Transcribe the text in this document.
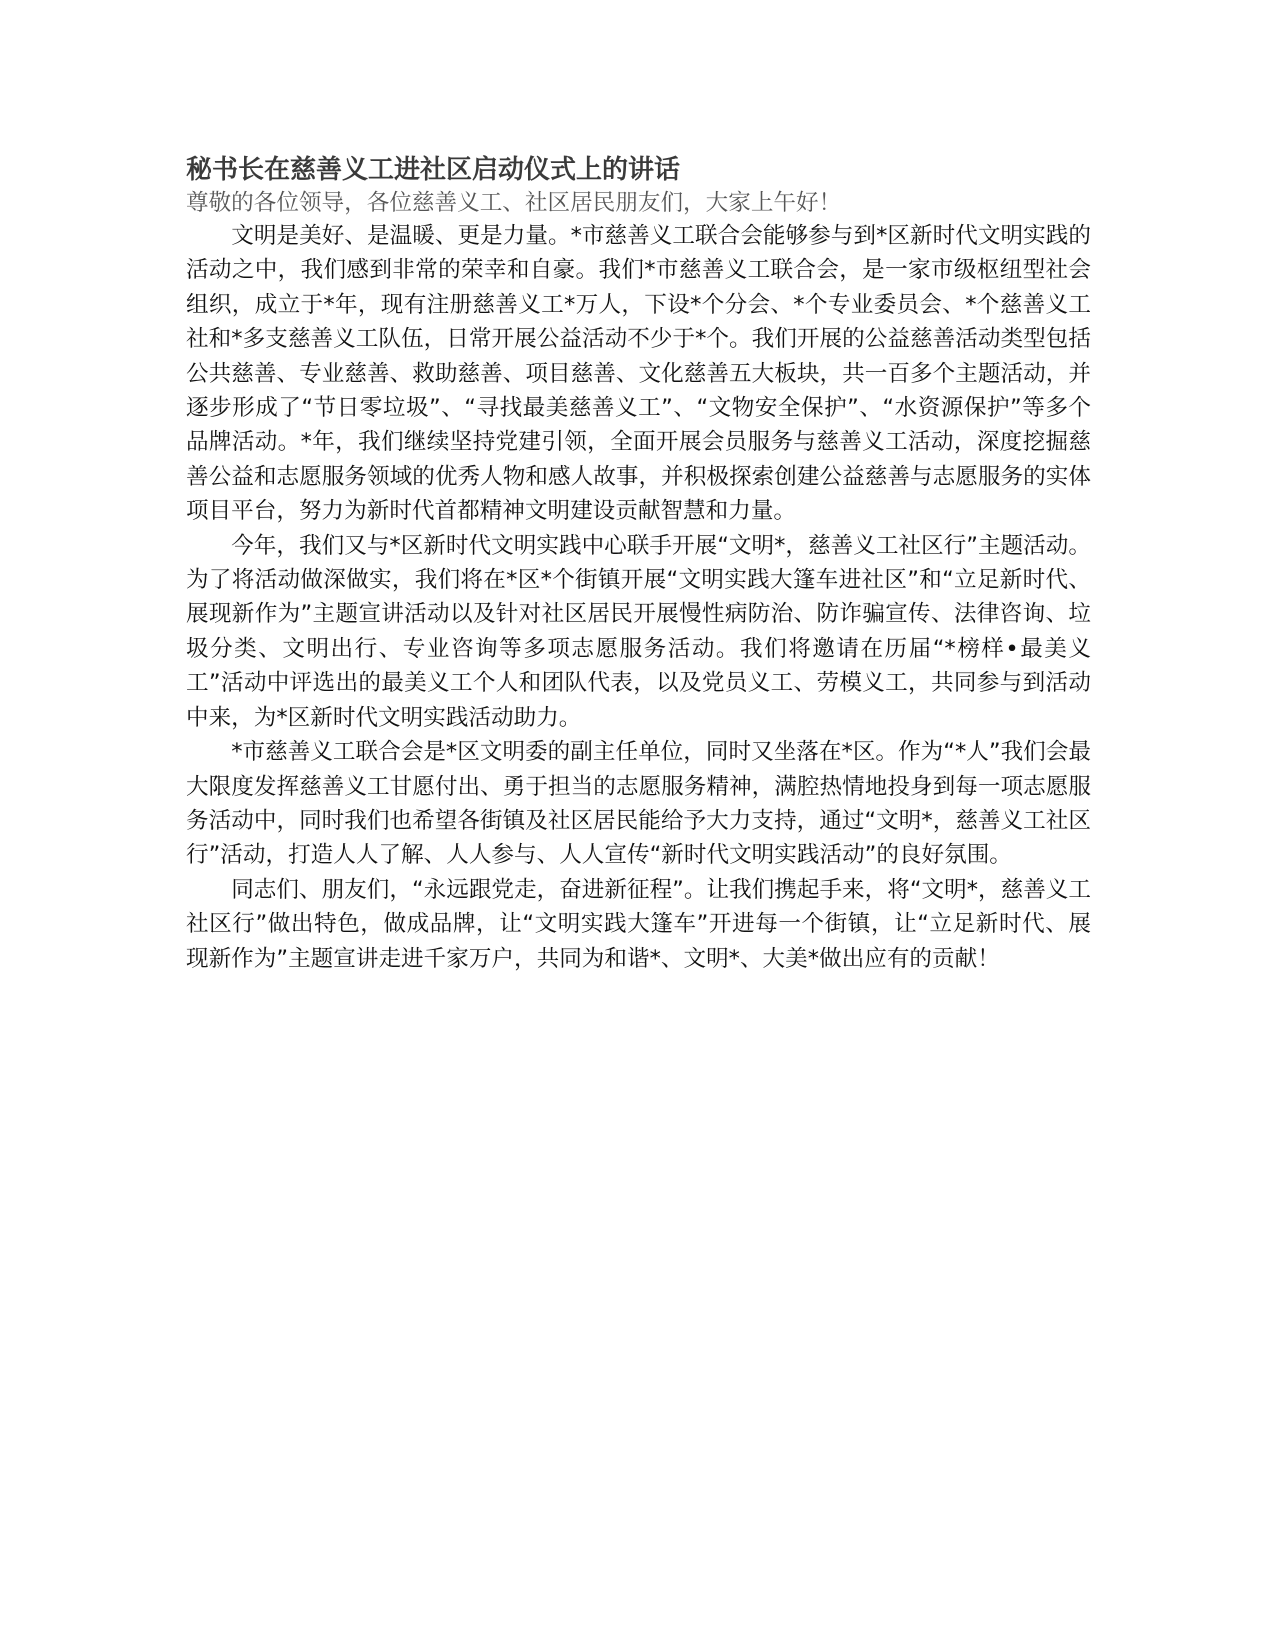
秘书长在慈善义工进社区启动仪式上的讲话

尊敬的各位领导，各位慈善义工、社区居民朋友们，大家上午好！

文明是美好、是温暖、更是力量。*市慈善义工联合会能够参与到*区新时代文明实践的活动之中，我们感到非常的荣幸和自豪。我们*市慈善义工联合会，是一家市级枢纽型社会组织，成立于*年，现有注册慈善义工*万人，下设*个分会、*个专业委员会、*个慈善义工社和*多支慈善义工队伍，日常开展公益活动不少于*个。我们开展的公益慈善活动类型包括公共慈善、专业慈善、救助慈善、项目慈善、文化慈善五大板块，共一百多个主题活动，并逐步形成了“节日零垃圾”、“寻找最美慈善义工”、“文物安全保护”、“水资源保护”等多个品牌活动。*年，我们继续坚持党建引领，全面开展会员服务与慈善义工活动，深度挖掘慈善公益和志愿服务领域的优秀人物和感人故事，并积极探索创建公益慈善与志愿服务的实体项目平台，努力为新时代首都精神文明建设贡献智慧和力量。

今年，我们又与*区新时代文明实践中心联手开展“文明*，慈善义工社区行”主题活动。为了将活动做深做实，我们将在*区*个街镇开展“文明实践大篷车进社区”和“立足新时代、展现新作为”主题宣讲活动以及针对社区居民开展慢性病防治、防诈骗宣传、法律咨询、垃圾分类、文明出行、专业咨询等多项志愿服务活动。我们将邀请在历届“*榜样•最美义工”活动中评选出的最美义工个人和团队代表，以及党员义工、劳模义工，共同参与到活动中来，为*区新时代文明实践活动助力。

*市慈善义工联合会是*区文明委的副主任单位，同时又坐落在*区。作为“*人”我们会最大限度发挥慈善义工甘愿付出、勇于担当的志愿服务精神，满腔热情地投身到每一项志愿服务活动中，同时我们也希望各街镇及社区居民能给予大力支持，通过“文明*，慈善义工社区行”活动，打造人人了解、人人参与、人人宣传“新时代文明实践活动”的良好氛围。

同志们、朋友们，“永远跟党走，奋进新征程”。让我们携起手来，将“文明*，慈善义工社区行”做出特色，做成品牌，让“文明实践大篷车”开进每一个街镇，让“立足新时代、展现新作为”主题宣讲走进千家万户，共同为和谐*、文明*、大美*做出应有的贡献！
